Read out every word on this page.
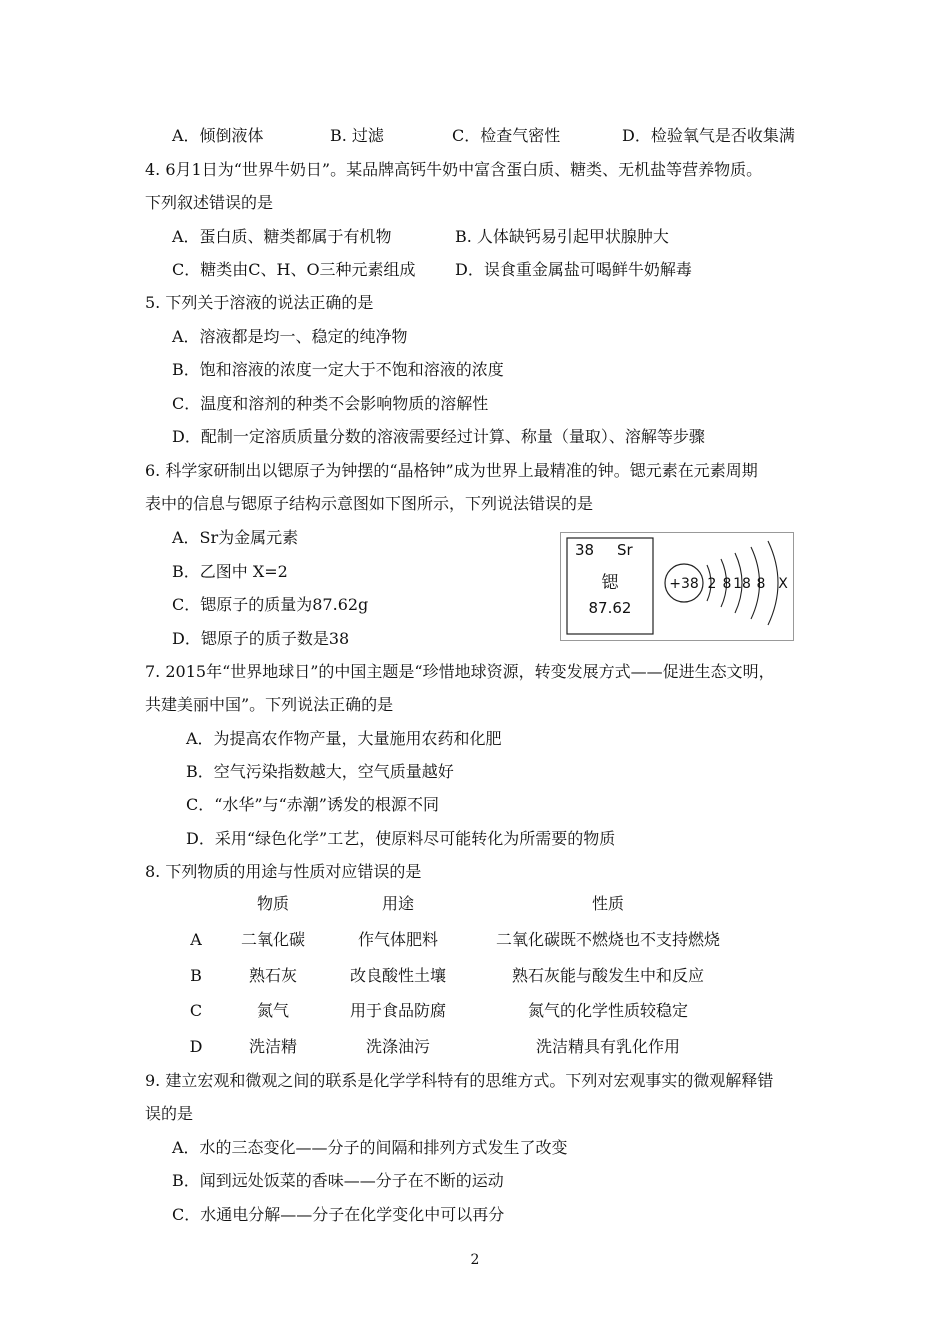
A．倾倒液体	B. 过滤	C．检查气密性	D．检验氧气是否收集满
4. 6月1日为“世界牛奶日”。某品牌高钙牛奶中富含蛋白质、糖类、无机盐等营养物质。
下列叙述错误的是
A．蛋白质、糖类都属于有机物	B. 人体缺钙易引起甲状腺肿大
C．糖类由C、H、O三种元素组成 D．误食重金属盐可喝鲜牛奶解毒
5. 下列关于溶液的说法正确的是
A．溶液都是均一、稳定的纯净物
B．饱和溶液的浓度一定大于不饱和溶液的浓度
C．温度和溶剂的种类不会影响物质的溶解性
D．配制一定溶质质量分数的溶液需要经过计算、称量（量取）、溶解等步骤
6. 科学家研制出以锶原子为钟摆的“晶格钟”成为世界上最精准的钟。锶元素在元素周期
表中的信息与锶原子结构示意图如下图所示，下列说法错误的是
A．Sr为金属元素
B．乙图中 X=2
C．锶原子的质量为87.62g
D．锶原子的质子数是38
38 Sr
锶
87.62
+38 2 8 18 8 X
7. 2015年“世界地球日”的中国主题是“珍惜地球资源，转变发展方式——促进生态文明，
共建美丽中国”。下列说法正确的是
A．为提高农作物产量，大量施用农药和化肥
B．空气污染指数越大，空气质量越好
C．“水华”与“赤潮”诱发的根源不同
D．采用“绿色化学”工艺，使原料尽可能转化为所需要的物质
8. 下列物质的用途与性质对应错误的是
物质	用途	性质
A 二氧化碳	作气体肥料	二氧化碳既不燃烧也不支持燃烧
B	熟石灰	改良酸性土壤	熟石灰能与酸发生中和反应
C	氮气	用于食品防腐	氮气的化学性质较稳定
D	洗洁精	洗涤油污	洗洁精具有乳化作用
9. 建立宏观和微观之间的联系是化学学科特有的思维方式。下列对宏观事实的微观解释错
误的是
A．水的三态变化——分子的间隔和排列方式发生了改变
B．闻到远处饭菜的香味——分子在不断的运动
C．水通电分解——分子在化学变化中可以再分
2
